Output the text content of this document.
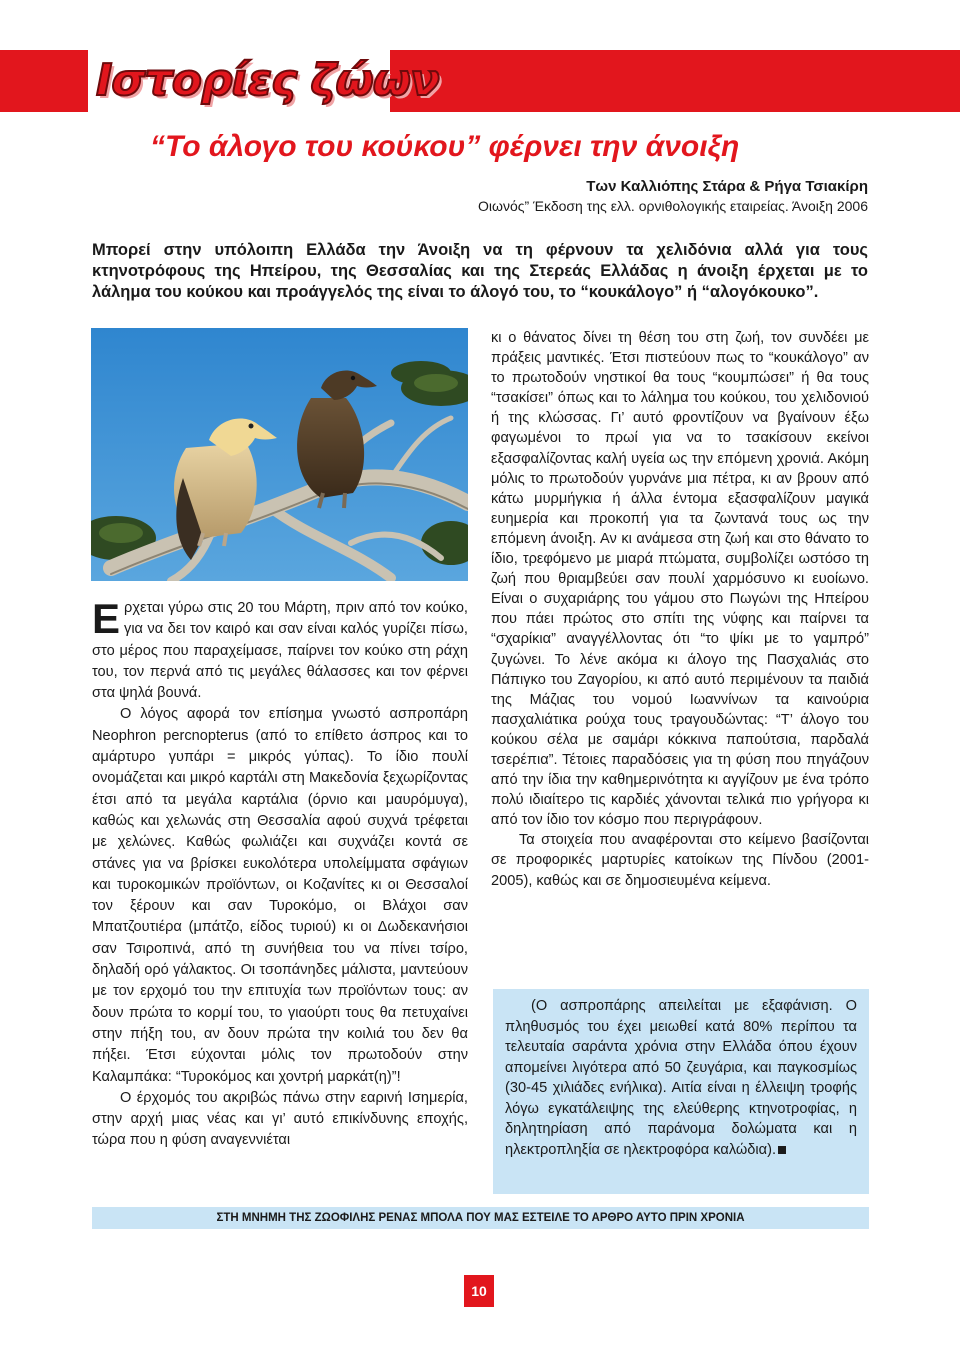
Ιστορίες ζώων
“Το άλογο του κούκου” φέρνει την άνοιξη
Των Καλλιόπης Στάρα & Ρήγα Τσιακίρη
Οιωνός” Έκδοση της ελλ. ορνιθολογικής εταιρείας. Άνοιξη 2006
Μπορεί στην υπόλοιπη Ελλάδα την Άνοιξη να τη φέρνουν τα χελιδόνια αλλά για τους κτηνοτρόφους της Ηπείρου, της Θεσσαλίας και της Στερεάς Ελλάδας η άνοιξη έρχεται με το λάλημα του κούκου και προάγγελός της είναι το άλογό του, το “κουκάλογο” ή “αλογόκουκο”.

Ερχεται γύρω στις 20 του Μάρτη, πριν από τον κούκο, για να δει τον καιρό και σαν είναι καλός γυρίζει πίσω, στο μέρος που παραχείμασε, παίρνει τον κούκο στη ράχη του, τον περνά από τις μεγάλες θάλασσες και τον φέρνει στα ψηλά βουνά.

Ο λόγος αφορά τον επίσημα γνωστό ασπροπάρη Neophron percnopterus (από το επίθετο άσπρος και το αμάρτυρο γυπάρι = μικρός γύπας). Το ίδιο πουλί ονομάζεται και μικρό καρτάλι στη Μακεδονία ξεχωρίζοντας έτσι από τα μεγάλα καρτάλια (όρνιο και μαυρόμυγα), καθώς και χελωνάς στη Θεσσαλία αφού συχνά τρέφεται με χελώνες. Καθώς φωλιάζει και συχνάζει κοντά σε στάνες για να βρίσκει ευκολότερα υπολείμματα σφάγιων και τυροκομικών προϊόντων, οι Κοζανίτες κι οι Θεσσαλοί τον ξέρουν και σαν Τυροκόμο, οι Βλάχοι σαν Μπατζουτιέρα (μπάτζο, είδος τυριού) κι οι Δωδεκανήσιοι σαν Τσιροπινά, από τη συνήθεια του να πίνει τσίρο, δηλαδή ορό γάλακτος. Οι τσοπάνηδες μάλιστα, μαντεύουν με τον ερχομό του την επιτυχία των προϊόντων τους: αν δουν πρώτα το κορμί του, το γιαούρτι τους θα πετυχαίνει στην πήξη του, αν δουν πρώτα την κοιλιά του δεν θα πήξει. Έτσι εύχονται μόλις τον πρωτοδούν στην Καλαμπάκα: “Τυροκόμος και χοντρή μαρκάτ(η)”!

Ο έρχομός του ακριβώς πάνω στην εαρινή Ισημερία, στην αρχή μιας νέας και γι’ αυτό επικίνδυνης εποχής, τώρα που η φύση αναγεννιέται

κι ο θάνατος δίνει τη θέση του στη ζωή, τον συνδέει με πράξεις μαντικές. Έτσι πιστεύουν πως το “κουκάλογο” αν το πρωτοδούν νηστικοί θα τους “κουμπώσει” ή θα τους “τσακίσει” όπως και το λάλημα του κούκου, του χελιδονιού ή της κλώσσας. Γι’ αυτό φροντίζουν να βγαίνουν έξω φαγωμένοι το πρωί για να το τσακίσουν εκείνοι εξασφαλίζοντας καλή υγεία ως την επόμενη χρονιά. Ακόμη μόλις το πρωτοδούν γυρνάνε μια πέτρα, κι αν βρουν από κάτω μυρμήγκια ή άλλα έντομα εξασφαλίζουν μαγικά ευημερία και προκοπή για τα ζωντανά τους ως την επόμενη άνοιξη. Αν κι ανάμεσα στη ζωή και στο θάνατο το ίδιο, τρεφόμενο με μιαρά πτώματα, συμβολίζει ωστόσο τη ζωή που θριαμβεύει σαν πουλί χαρμόσυνο κι ευοίωνο. Είναι ο συχαριάρης του γάμου στο Πωγώνι της Ηπείρου που πάει πρώτος στο σπίτι της νύφης και παίρνει τα “σχαρίκια” αναγγέλλοντας ότι “το ψίκι με το γαμπρό” ζυγώνει. Το λένε ακόμα κι άλογο της Πασχαλιάς στο Πάπιγκο του Ζαγορίου, κι από αυτό περιμένουν τα παιδιά της Μάζιας του νομού Ιωαννίνων τα καινούρια πασχαλιάτικα ρούχα τους τραγουδώντας: “Τ’ άλογο του κούκου σέλα με σαμάρι κόκκινα παπούτσια, παρδαλά τσερέπια”. Τέτοιες παραδόσεις για τη φύση που πηγάζουν από την ίδια την καθημερινότητα κι αγγίζουν με ένα τρόπο πολύ ιδιαίτερο τις καρδιές χάνονται τελικά πιο γρήγορα κι από τον ίδιο τον κόσμο που περιγράφουν.

Τα στοιχεία που αναφέρονται στο κείμενο βασίζονται σε προφορικές μαρτυρίες κατοίκων της Πίνδου (2001-2005), καθώς και σε δημοσιευμένα κείμενα.

(Ο ασπροπάρης απειλείται με εξαφάνιση. Ο πληθυσμός του έχει μειωθεί κατά 80% περίπου τα τελευταία σαράντα χρόνια στην Ελλάδα όπου έχουν απομείνει λιγότερα από 50 ζευγάρια, και παγκοσμίως (30-45 χιλιάδες ενήλικα). Αιτία είναι η έλλειψη τροφής λόγω εγκατάλειψης της ελεύθερης κτηνοτροφίας, η δηλητηρίαση από παράνομα δολώματα και η ηλεκτροπληξία σε ηλεκτροφόρα καλώδια).

ΣΤΗ ΜΝΗΜΗ ΤΗΣ ΖΩΟΦΙΛΗΣ ΡΕΝΑΣ ΜΠΟΛΑ ΠΟΥ ΜΑΣ ΕΣΤΕΙΛΕ ΤΟ ΑΡΘΡΟ ΑΥΤΟ ΠΡΙΝ ΧΡΟΝΙΑ
10
